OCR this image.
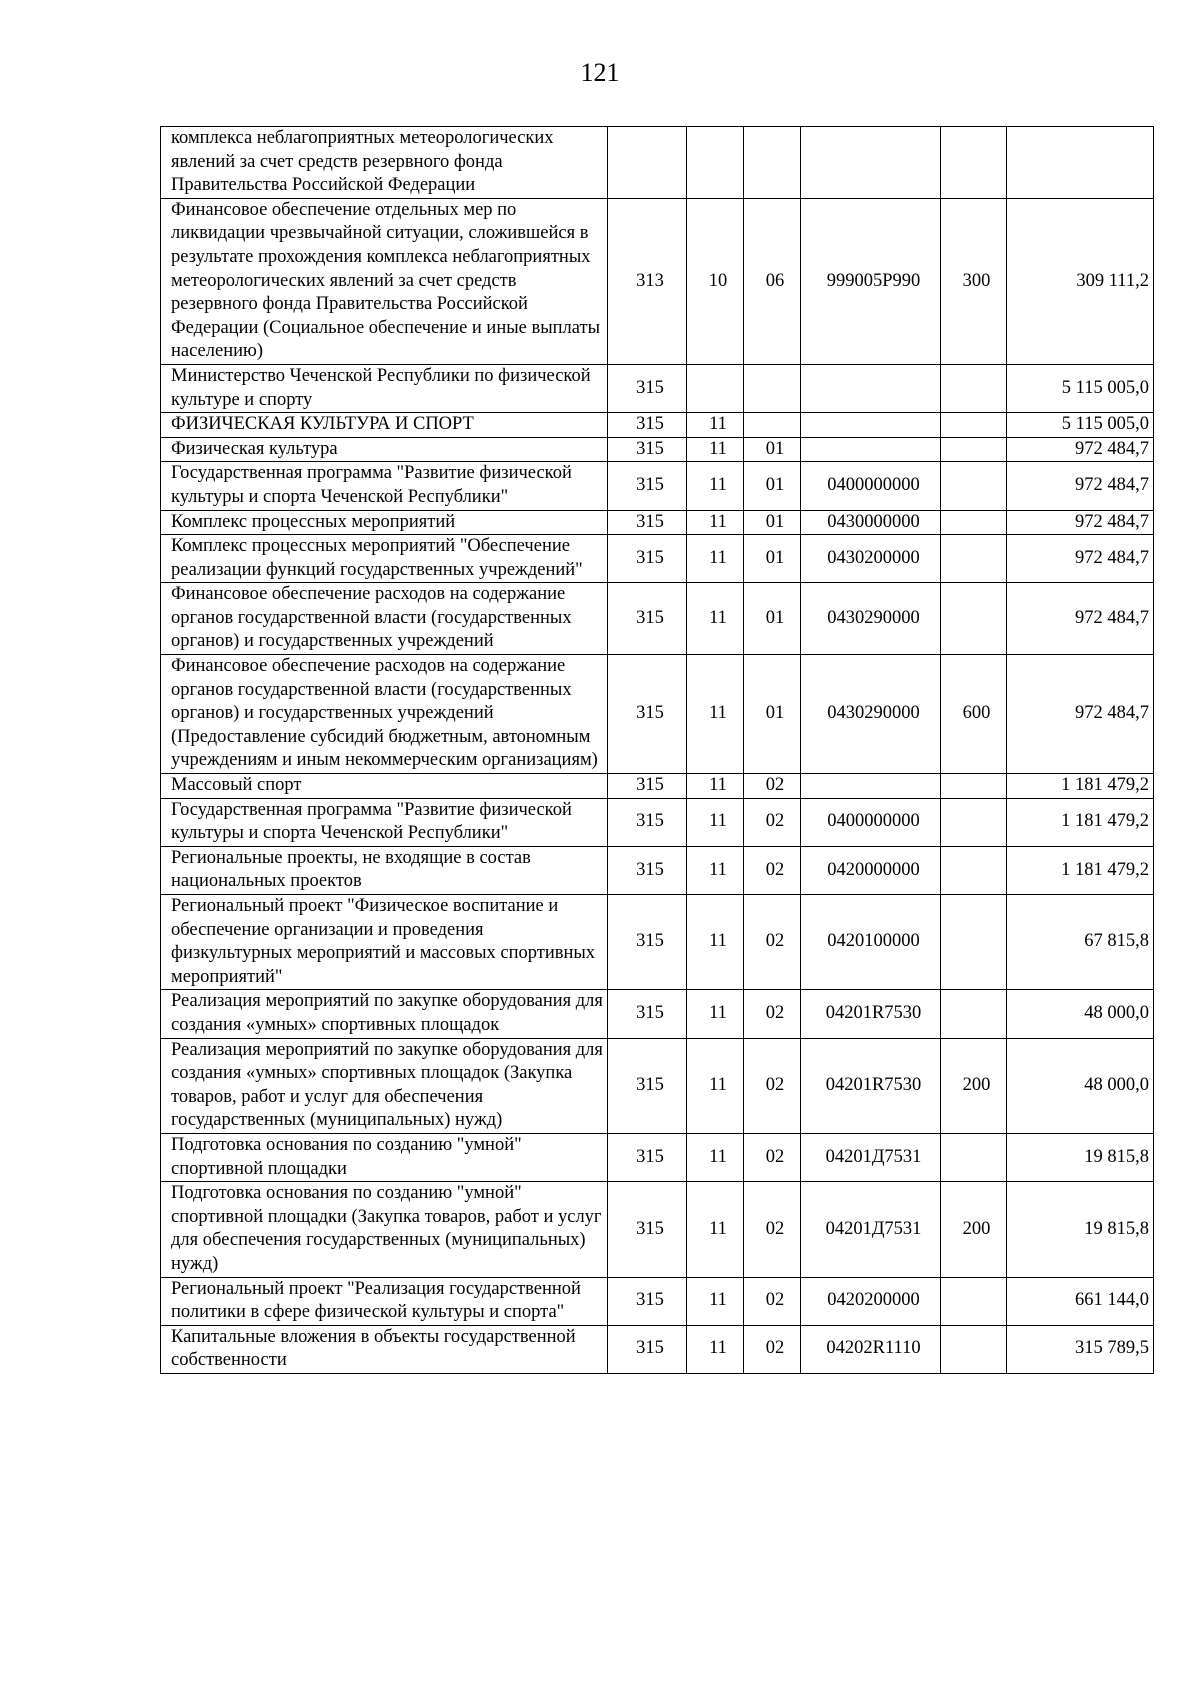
121
комплекса неблагоприятных метеорологических явлений за счет средств резервного фонда Правительства Российской Федерации						
Финансовое обеспечение отдельных мер по ликвидации чрезвычайной ситуации, сложившейся в результате прохождения комплекса неблагоприятных метеорологических явлений за счет средств резервного фонда Правительства Российской Федерации (Социальное обеспечение и иные выплаты населению)	313	10	06	999005Р990	300	309 111,2
Министерство Чеченской Республики по физической культуре и спорту	315					5 115 005,0
ФИЗИЧЕСКАЯ КУЛЬТУРА И СПОРТ	315	11				5 115 005,0
Физическая культура	315	11	01			972 484,7
Государственная программа "Развитие физической культуры и спорта Чеченской Республики"	315	11	01	0400000000		972 484,7
Комплекс процессных мероприятий	315	11	01	0430000000		972 484,7
Комплекс процессных мероприятий "Обеспечение реализации функций государственных учреждений"	315	11	01	0430200000		972 484,7
Финансовое обеспечение расходов на содержание органов государственной власти (государственных органов) и государственных учреждений	315	11	01	0430290000		972 484,7
Финансовое обеспечение расходов на содержание органов государственной власти (государственных органов) и государственных учреждений (Предоставление субсидий бюджетным, автономным учреждениям и иным некоммерческим организациям)	315	11	01	0430290000	600	972 484,7
Массовый спорт	315	11	02			1 181 479,2
Государственная программа "Развитие физической культуры и спорта Чеченской Республики"	315	11	02	0400000000		1 181 479,2
Региональные проекты, не входящие в состав национальных проектов	315	11	02	0420000000		1 181 479,2
Региональный проект "Физическое воспитание и обеспечение организации и проведения физкультурных мероприятий и массовых спортивных мероприятий"	315	11	02	0420100000		67 815,8
Реализация мероприятий по закупке оборудования для создания «умных» спортивных площадок	315	11	02	04201R7530		48 000,0
Реализация мероприятий по закупке оборудования для создания «умных» спортивных площадок (Закупка товаров, работ и услуг для обеспечения государственных (муниципальных) нужд)	315	11	02	04201R7530	200	48 000,0
Подготовка основания по созданию "умной" спортивной площадки	315	11	02	04201Д7531		19 815,8
Подготовка основания по созданию "умной" спортивной площадки (Закупка товаров, работ и услуг для обеспечения государственных (муниципальных) нужд)	315	11	02	04201Д7531	200	19 815,8
Региональный проект "Реализация государственной политики в сфере физической культуры и спорта"	315	11	02	0420200000		661 144,0
Капитальные вложения в объекты государственной собственности	315	11	02	04202R1110		315 789,5
